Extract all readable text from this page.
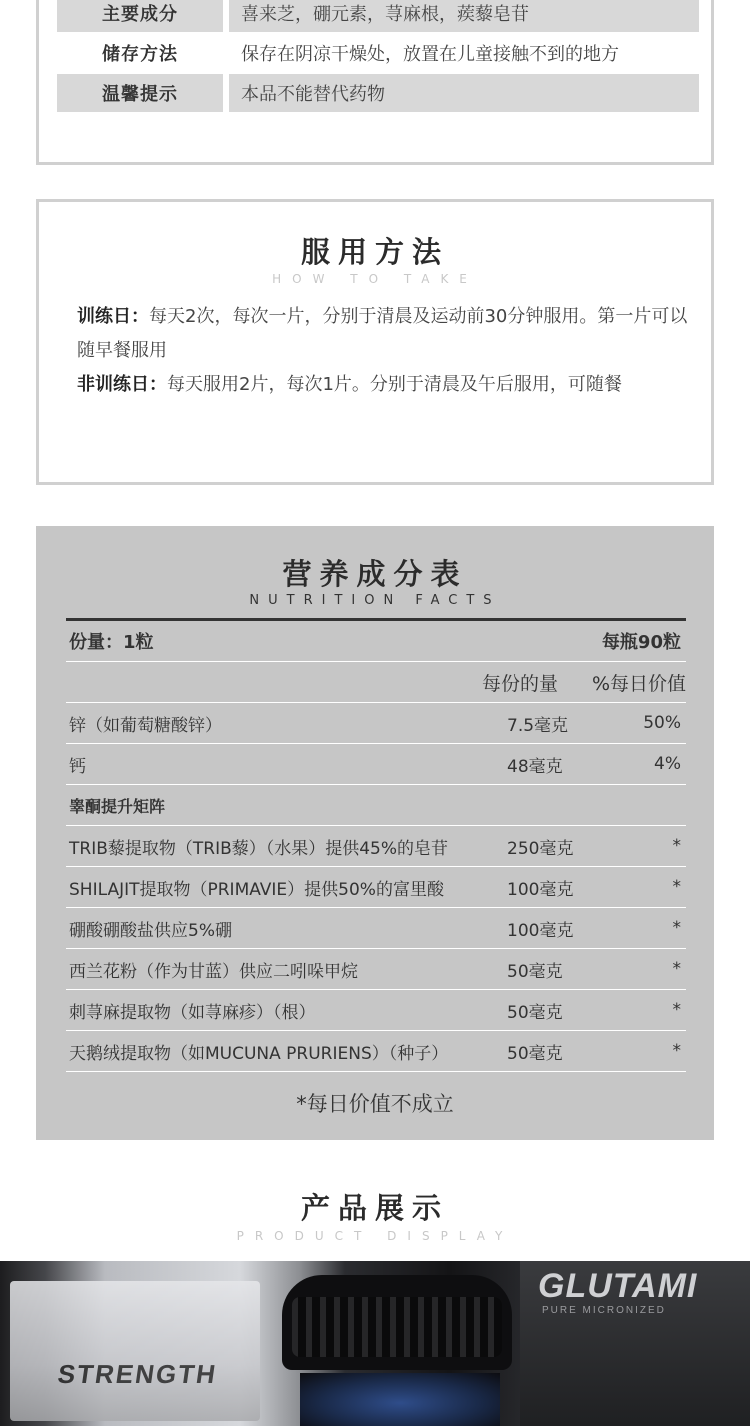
主要成分	喜来芝，硼元素，荨麻根，蒺藜皂苷
储存方法	保存在阴凉干燥处，放置在儿童接触不到的地方
温馨提示	本品不能替代药物
服用方法
HOW TO TAKE
训练日：每天2次，每次一片，分别于清晨及运动前30分钟服用。第一片可以随早餐服用
非训练日：每天服用2片，每次1片。分别于清晨及午后服用，可随餐
营养成分表
NUTRITION FACTS
份量：1粒	每瓶90粒
每份的量 %每日价值
锌（如葡萄糖酸锌）	7.5毫克	50%
钙	48毫克	4%
睾酮提升矩阵
TRIB藜提取物（TRIB藜）（水果）提供45%的皂苷	250毫克	*
SHILAJIT提取物（PRIMAVIE）提供50%的富里酸	100毫克	*
硼酸硼酸盐供应5%硼	100毫克	*
西兰花粉（作为甘蓝）供应二吲哚甲烷	50毫克	*
刺荨麻提取物（如荨麻疹）（根）	50毫克	*
天鹅绒提取物（如MUCUNA PRURIENS）（种子）	50毫克	*
*每日价值不成立
产品展示
PRODUCT DISPLAY
STRENGTH
GLUTAMI
PURE MICRONIZED
